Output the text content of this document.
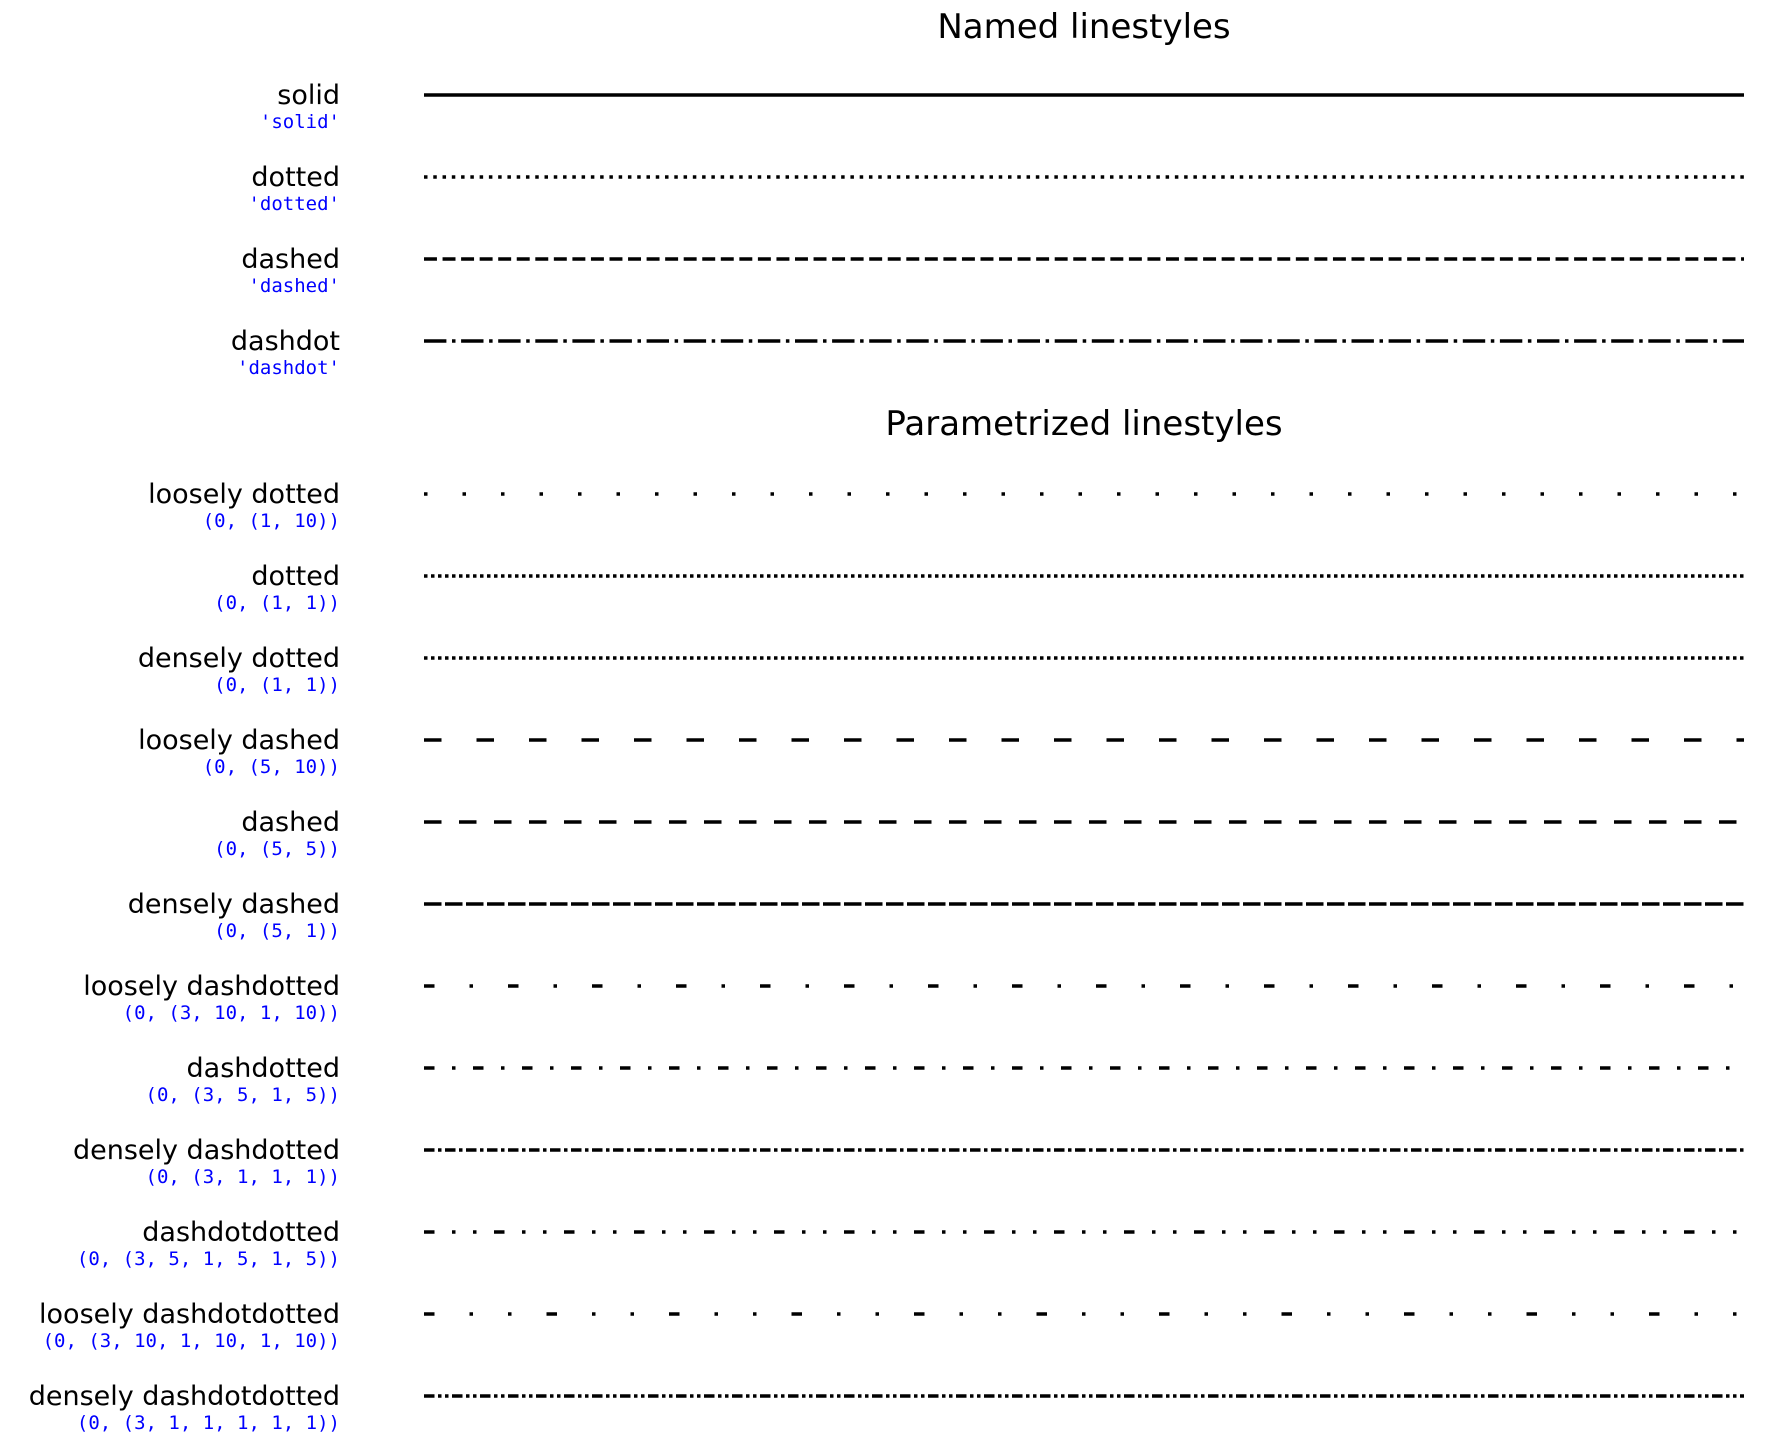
Named linestyles
solid
'solid'
dotted
'dotted'
dashed
'dashed'
dashdot
'dashdot'
Parametrized linestyles
loosely dotted
(0, (1, 10))
dotted
(0, (1, 1))
densely dotted
(0, (1, 1))
loosely dashed
(0, (5, 10))
dashed
(0, (5, 5))
densely dashed
(0, (5, 1))
loosely dashdotted
(0, (3, 10, 1, 10))
dashdotted
(0, (3, 5, 1, 5))
densely dashdotted
(0, (3, 1, 1, 1))
dashdotdotted
(0, (3, 5, 1, 5, 1, 5))
loosely dashdotdotted
(0, (3, 10, 1, 10, 1, 10))
densely dashdotdotted
(0, (3, 1, 1, 1, 1, 1))
